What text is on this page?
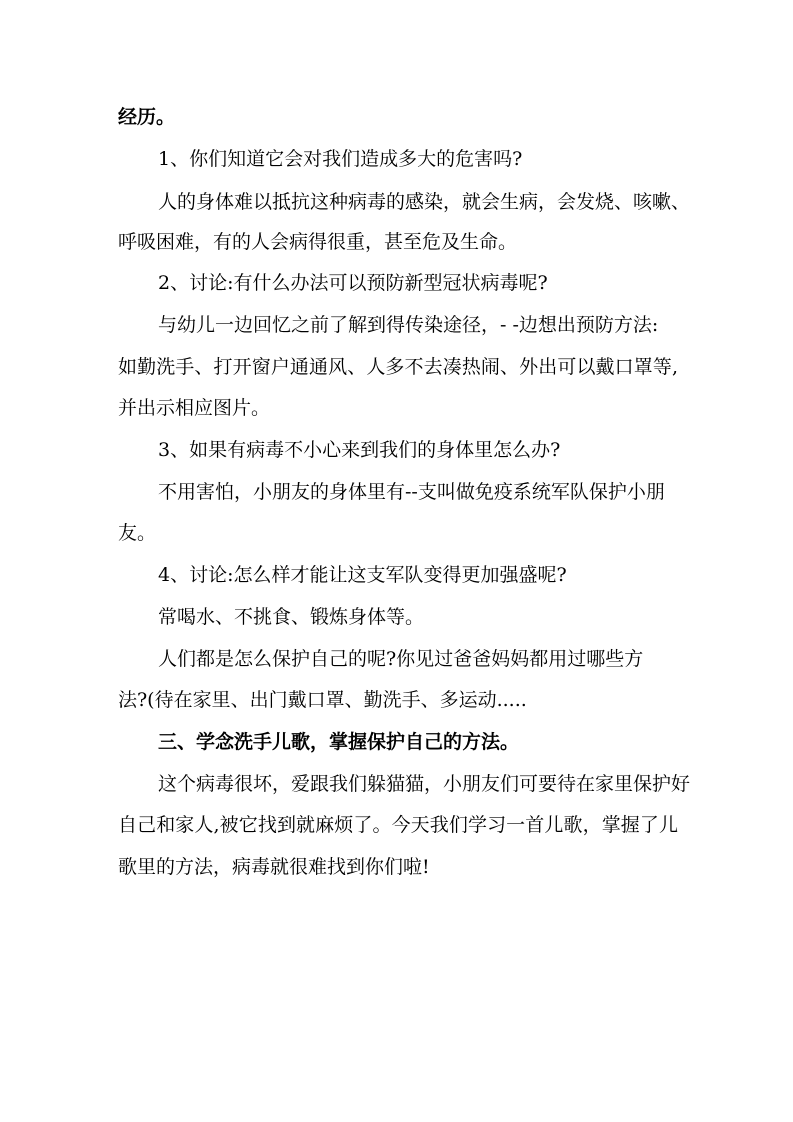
经历。
1、你们知道它会对我们造成多大的危害吗?
人的身体难以抵抗这种病毒的感染，就会生病，会发烧、咳嗽、
呼吸困难，有的人会病得很重，甚至危及生命。
2、讨论:有什么办法可以预防新型冠状病毒呢?
与幼儿一边回忆之前了解到得传染途径，- -边想出预防方法:
如勤洗手、打开窗户通通风、人多不去凑热闹、外出可以戴口罩等,
并出示相应图片。
3、如果有病毒不小心来到我们的身体里怎么办?
不用害怕，小朋友的身体里有--支叫做免疫系统军队保护小朋
友。
4、讨论:怎么样才能让这支军队变得更加强盛呢?
常喝水、不挑食、锻炼身体等。
人们都是怎么保护自己的呢?你见过爸爸妈妈都用过哪些方
法?(待在家里、出门戴口罩、勤洗手、多运动.....
三、学念洗手儿歌，掌握保护自己的方法。
这个病毒很坏，爱跟我们躲猫猫，小朋友们可要待在家里保护好
自己和家人,被它找到就麻烦了。今天我们学习一首儿歌，掌握了儿
歌里的方法，病毒就很难找到你们啦!
